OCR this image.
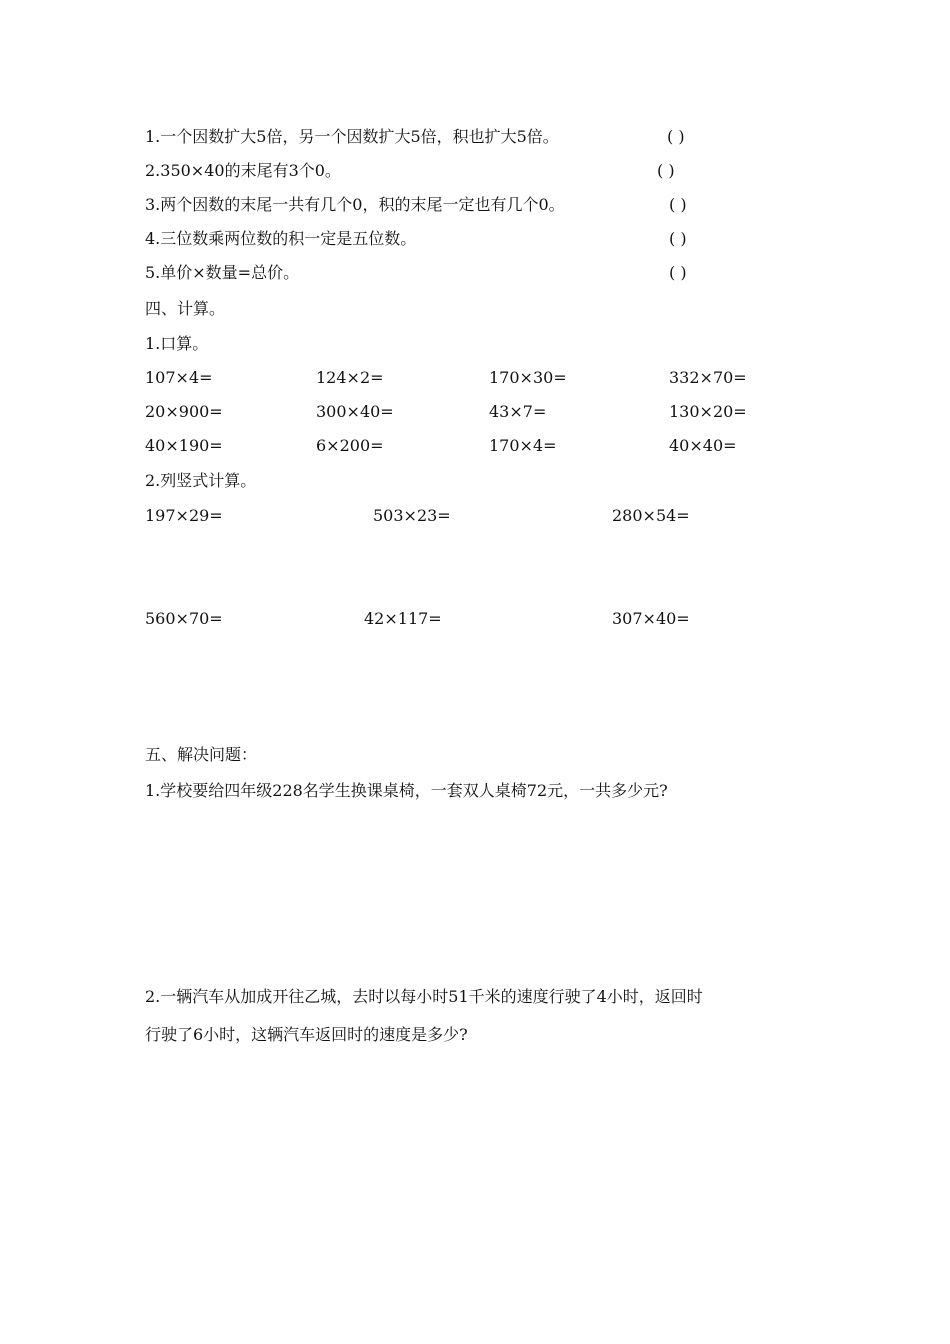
1.一个因数扩大5倍，另一个因数扩大5倍，积也扩大5倍。	( )
2.350×40的末尾有3个0。	( )
3.两个因数的末尾一共有几个0，积的末尾一定也有几个0。	( )
4.三位数乘两位数的积一定是五位数。	( )
5.单价×数量=总价。	( )
四、计算。
1.口算。
107×4=	124×2=	170×30=	332×70=
20×900=	300×40=	43×7=	130×20=
40×190=	6×200=	170×4=	40×40=
2.列竖式计算。
197×29=	503×23=	280×54=
560×70=	42×117=	307×40=
五、解决问题：
1.学校要给四年级228名学生换课桌椅，一套双人桌椅72元，一共多少元?
2.一辆汽车从加成开往乙城，去时以每小时51千米的速度行驶了4小时，返回时
行驶了6小时，这辆汽车返回时的速度是多少?
